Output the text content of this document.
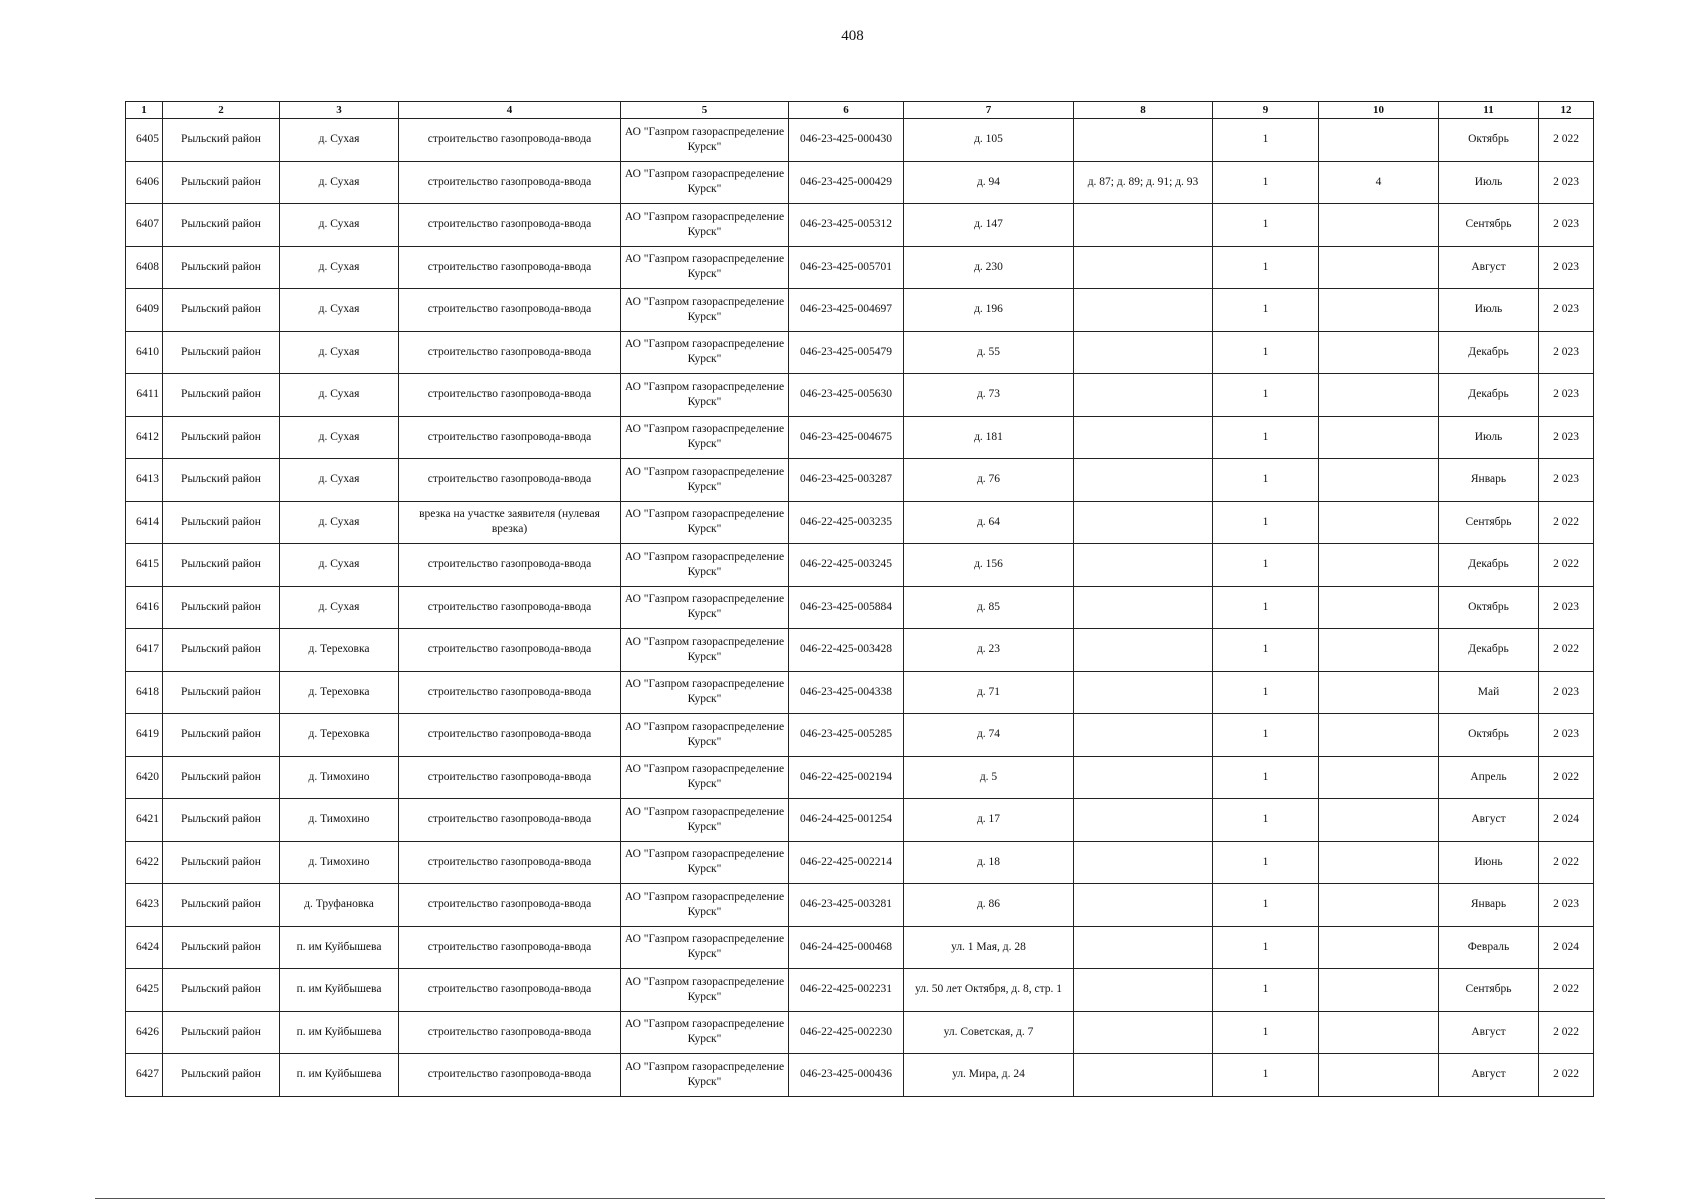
408
1	2	3	4	5	6	7	8	9	10	11	12
6405	Рыльский район	д. Сухая	строительство газопровода-ввода	АО "Газпром газораспределение Курск"	046-23-425-000430	д. 105		1		Октябрь	2 022
6406	Рыльский район	д. Сухая	строительство газопровода-ввода	АО "Газпром газораспределение Курск"	046-23-425-000429	д. 94	д. 87; д. 89; д. 91; д. 93	1	4	Июль	2 023
6407	Рыльский район	д. Сухая	строительство газопровода-ввода	АО "Газпром газораспределение Курск"	046-23-425-005312	д. 147		1		Сентябрь	2 023
6408	Рыльский район	д. Сухая	строительство газопровода-ввода	АО "Газпром газораспределение Курск"	046-23-425-005701	д. 230		1		Август	2 023
6409	Рыльский район	д. Сухая	строительство газопровода-ввода	АО "Газпром газораспределение Курск"	046-23-425-004697	д. 196		1		Июль	2 023
6410	Рыльский район	д. Сухая	строительство газопровода-ввода	АО "Газпром газораспределение Курск"	046-23-425-005479	д. 55		1		Декабрь	2 023
6411	Рыльский район	д. Сухая	строительство газопровода-ввода	АО "Газпром газораспределение Курск"	046-23-425-005630	д. 73		1		Декабрь	2 023
6412	Рыльский район	д. Сухая	строительство газопровода-ввода	АО "Газпром газораспределение Курск"	046-23-425-004675	д. 181		1		Июль	2 023
6413	Рыльский район	д. Сухая	строительство газопровода-ввода	АО "Газпром газораспределение Курск"	046-23-425-003287	д. 76		1		Январь	2 023
6414	Рыльский район	д. Сухая	врезка на участке заявителя (нулевая врезка)	АО "Газпром газораспределение Курск"	046-22-425-003235	д. 64		1		Сентябрь	2 022
6415	Рыльский район	д. Сухая	строительство газопровода-ввода	АО "Газпром газораспределение Курск"	046-22-425-003245	д. 156		1		Декабрь	2 022
6416	Рыльский район	д. Сухая	строительство газопровода-ввода	АО "Газпром газораспределение Курск"	046-23-425-005884	д. 85		1		Октябрь	2 023
6417	Рыльский район	д. Тереховка	строительство газопровода-ввода	АО "Газпром газораспределение Курск"	046-22-425-003428	д. 23		1		Декабрь	2 022
6418	Рыльский район	д. Тереховка	строительство газопровода-ввода	АО "Газпром газораспределение Курск"	046-23-425-004338	д. 71		1		Май	2 023
6419	Рыльский район	д. Тереховка	строительство газопровода-ввода	АО "Газпром газораспределение Курск"	046-23-425-005285	д. 74		1		Октябрь	2 023
6420	Рыльский район	д. Тимохино	строительство газопровода-ввода	АО "Газпром газораспределение Курск"	046-22-425-002194	д. 5		1		Апрель	2 022
6421	Рыльский район	д. Тимохино	строительство газопровода-ввода	АО "Газпром газораспределение Курск"	046-24-425-001254	д. 17		1		Август	2 024
6422	Рыльский район	д. Тимохино	строительство газопровода-ввода	АО "Газпром газораспределение Курск"	046-22-425-002214	д. 18		1		Июнь	2 022
6423	Рыльский район	д. Труфановка	строительство газопровода-ввода	АО "Газпром газораспределение Курск"	046-23-425-003281	д. 86		1		Январь	2 023
6424	Рыльский район	п. им Куйбышева	строительство газопровода-ввода	АО "Газпром газораспределение Курск"	046-24-425-000468	ул. 1 Мая, д. 28		1		Февраль	2 024
6425	Рыльский район	п. им Куйбышева	строительство газопровода-ввода	АО "Газпром газораспределение Курск"	046-22-425-002231	ул. 50 лет Октября, д. 8, стр. 1		1		Сентябрь	2 022
6426	Рыльский район	п. им Куйбышева	строительство газопровода-ввода	АО "Газпром газораспределение Курск"	046-22-425-002230	ул. Советская, д. 7		1		Август	2 022
6427	Рыльский район	п. им Куйбышева	строительство газопровода-ввода	АО "Газпром газораспределение Курск"	046-23-425-000436	ул. Мира, д. 24		1		Август	2 022
